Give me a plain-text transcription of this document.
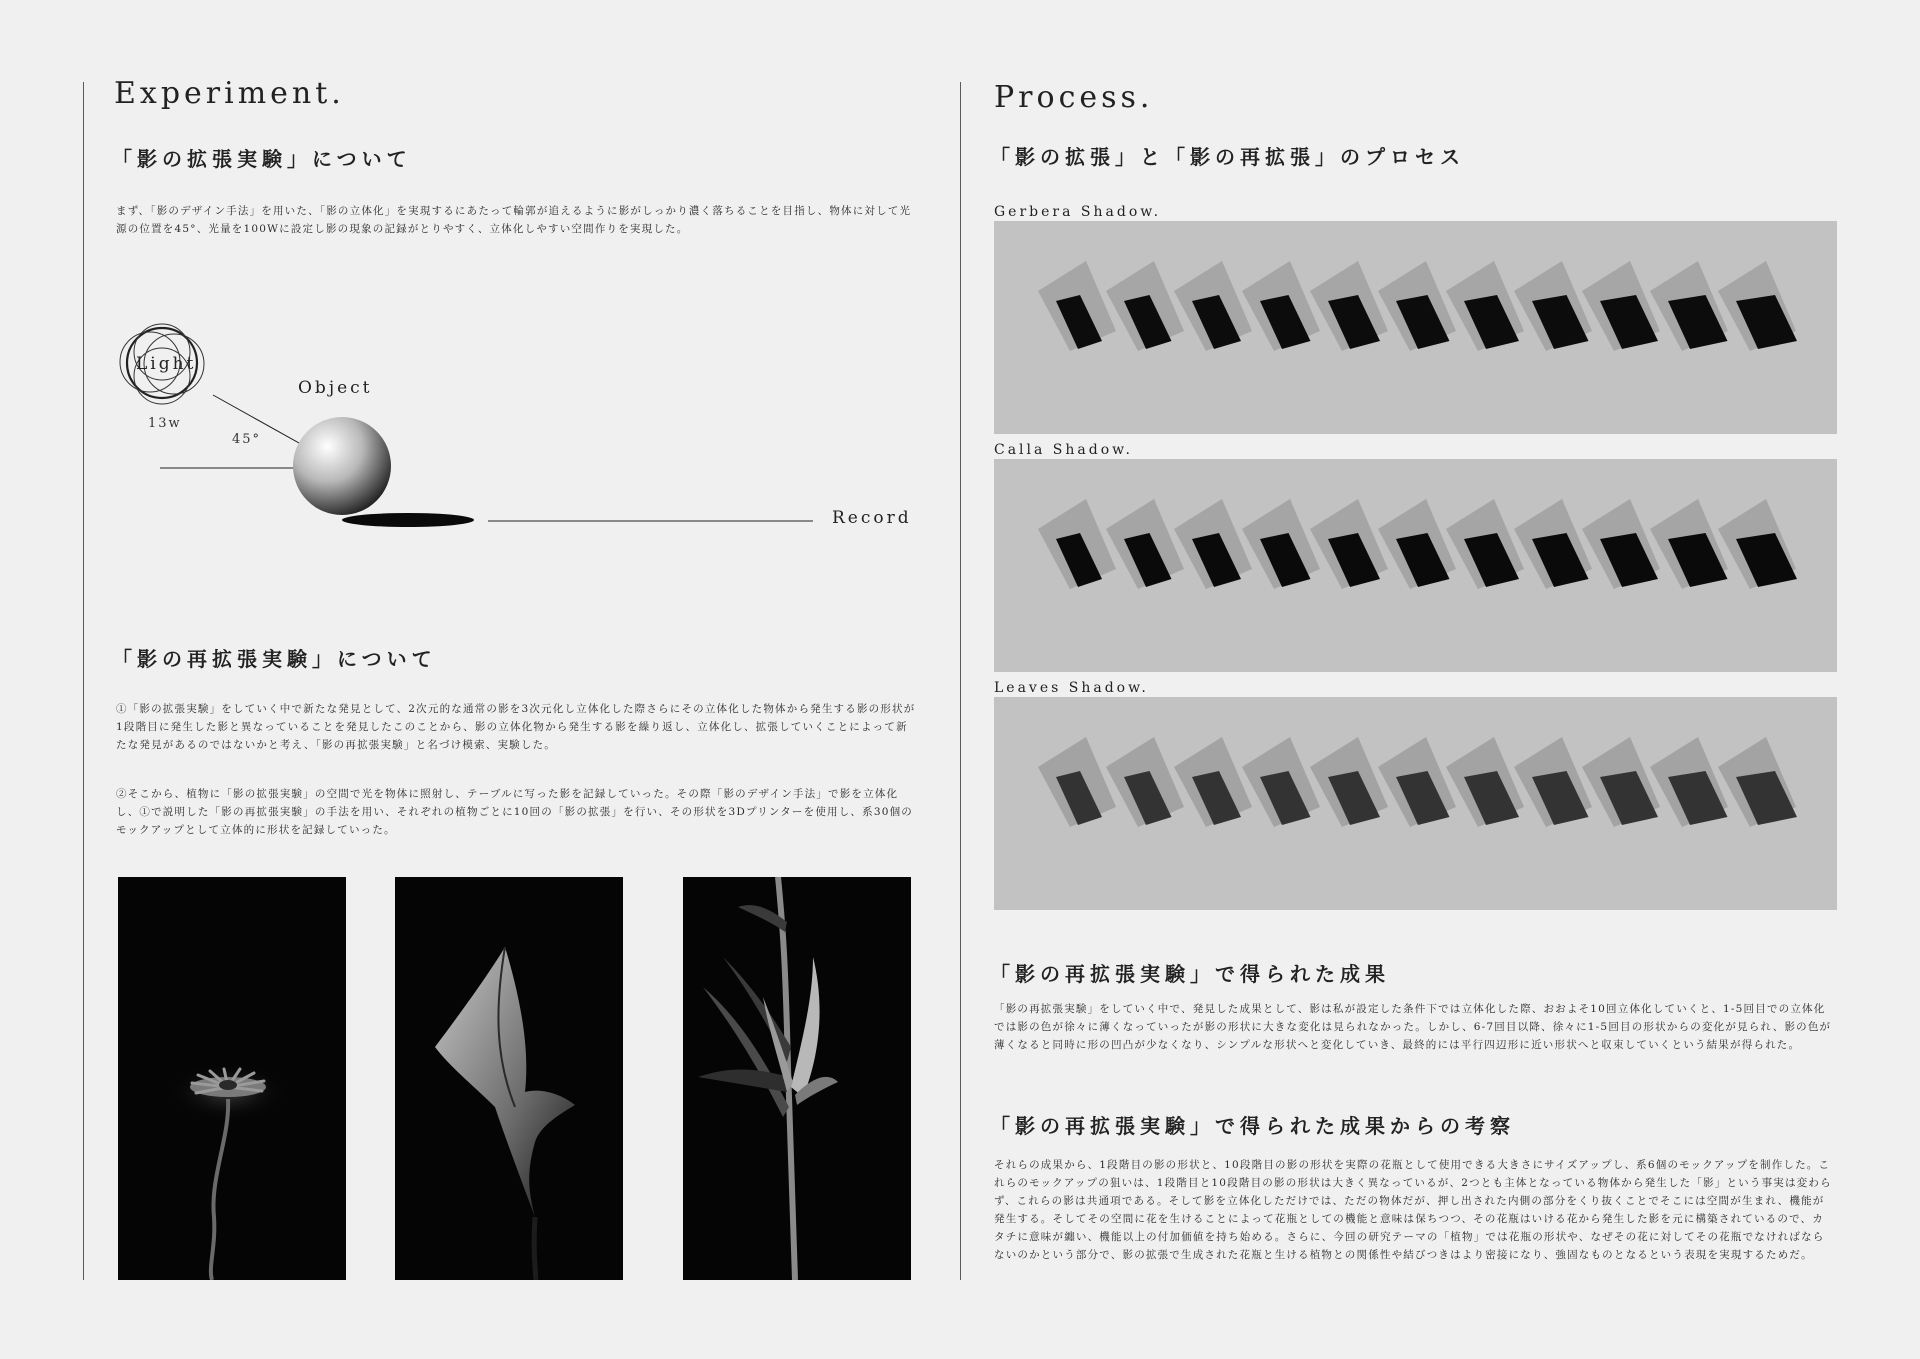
Experiment.
「影の拡張実験」について

まず、「影のデザイン手法」を用いた、「影の立体化」を実現するにあたって輪郭が追えるように影がしっかり濃く落ちることを目指し、物体に対して光源の位置を45°、光量を100Wに設定し影の現象の記録がとりやすく、立体化しやすい空間作りを実現した。

Light
13w
45°
Object
Record
「影の再拡張実験」について

①「影の拡張実験」をしていく中で新たな発見として、2次元的な通常の影を3次元化し立体化した際さらにその立体化した物体から発生する影の形状が1段階目に発生した影と異なっていることを発見したこのことから、影の立体化物から発生する影を繰り返し、立体化し、拡張していくことによって新たな発見があるのではないかと考え、「影の再拡張実験」と名づけ模索、実験した。

②そこから、植物に「影の拡張実験」の空間で光を物体に照射し、テーブルに写った影を記録していった。その際「影のデザイン手法」で影を立体化し、①で説明した「影の再拡張実験」の手法を用い、それぞれの植物ごとに10回の「影の拡張」を行い、その形状を3Dプリンターを使用し、系30個のモックアップとして立体的に形状を記録していった。

Process.
「影の拡張」と「影の再拡張」のプロセス
Gerbera Shadow.
Calla Shadow.
Leaves Shadow.
「影の再拡張実験」で得られた成果

「影の再拡張実験」をしていく中で、発見した成果として、影は私が設定した条件下では立体化した際、おおよそ10回立体化していくと、1-5回目での立体化では影の色が徐々に薄くなっていったが影の形状に大きな変化は見られなかった。しかし、6-7回目以降、徐々に1-5回目の形状からの変化が見られ、影の色が薄くなると同時に形の凹凸が少なくなり、シンプルな形状へと変化していき、最終的には平行四辺形に近い形状へと収束していくという結果が得られた。

「影の再拡張実験」で得られた成果からの考察

それらの成果から、1段階目の影の形状と、10段階目の影の形状を実際の花瓶として使用できる大きさにサイズアップし、系6個のモックアップを制作した。これらのモックアップの狙いは、1段階目と10段階目の影の形状は大きく異なっているが、2つとも主体となっている物体から発生した「影」という事実は変わらず、これらの影は共通項である。そして影を立体化しただけでは、ただの物体だが、押し出された内側の部分をくり抜くことでそこには空間が生まれ、機能が発生する。そしてその空間に花を生けることによって花瓶としての機能と意味は保ちつつ、その花瓶はいける花から発生した影を元に構築されているので、カタチに意味が纏い、機能以上の付加価値を持ち始める。さらに、今回の研究テーマの「植物」では花瓶の形状や、なぜその花に対してその花瓶でなければならないのかという部分で、影の拡張で生成された花瓶と生ける植物との関係性や結びつきはより密接になり、強固なものとなるという表現を実現するためだ。
